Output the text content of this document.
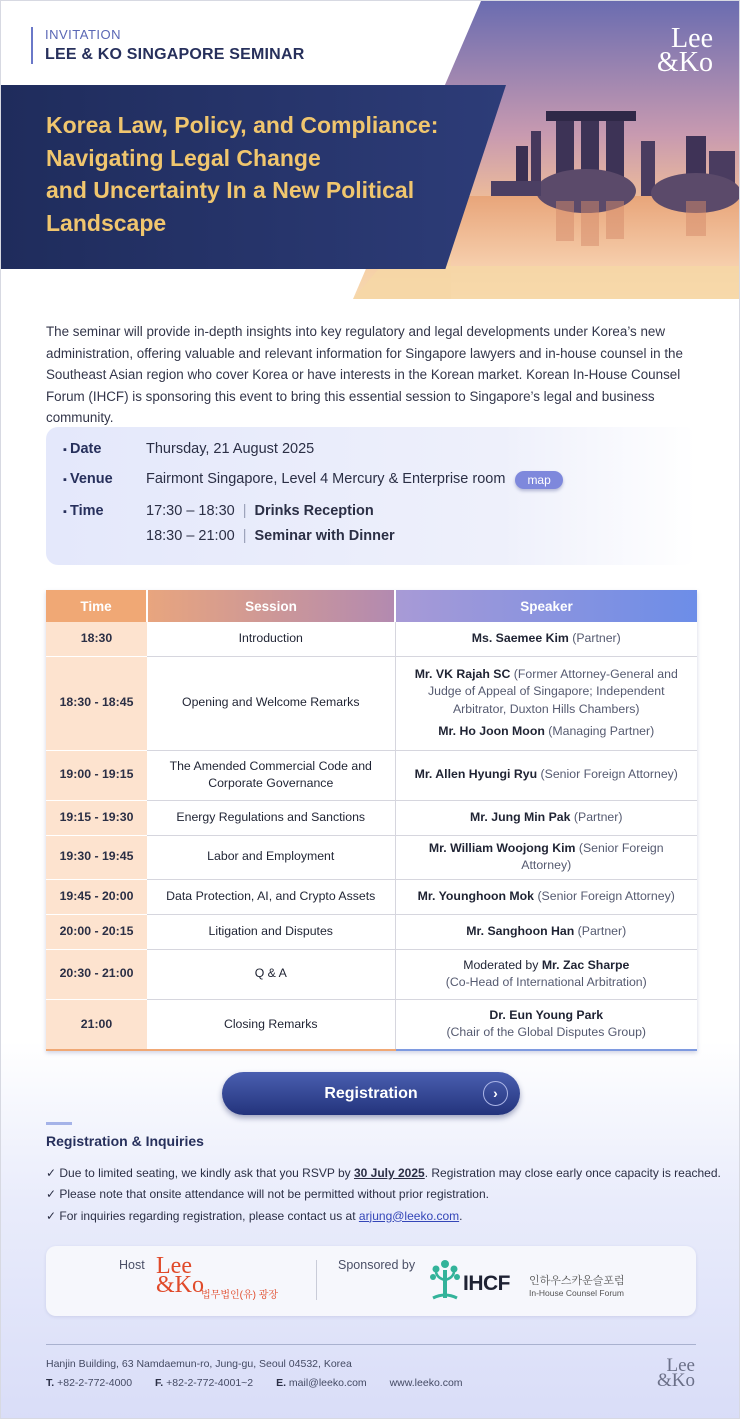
INVITATION
LEE & KO SINGAPORE SEMINAR
Lee
&Ko
Korea Law, Policy, and Compliance:
Navigating Legal Change
and Uncertainty In a New Political
Landscape

The seminar will provide in-depth insights into key regulatory and legal developments under Korea’s new administration, offering valuable and relevant information for Singapore lawyers and in-house counsel in the Southeast Asian region who cover Korea or have interests in the Korean market. Korean In-House Counsel Forum (IHCF) is sponsoring this event to bring this essential session to Singapore’s legal and business community.

▪ Date	Thursday, 21 August 2025
▪ Venue	Fairmont Singapore, Level 4 Mercury & Enterprise room	map
▪ Time	17:30 – 18:30 | Drinks Reception
18:30 – 21:00 | Seminar with Dinner
Time	Session	Speaker
18:30	Introduction	Ms. Saemee Kim (Partner)
18:30 - 18:45	Opening and Welcome Remarks	Mr. VK Rajah SC (Former Attorney-General and Judge of Appeal of Singapore; Independent Arbitrator, Duxton Hills Chambers)
Mr. Ho Joon Moon (Managing Partner)

19:00 - 19:15	The Amended Commercial Code and Corporate Governance	Mr. Allen Hyungi Ryu (Senior Foreign Attorney)
19:15 - 19:30	Energy Regulations and Sanctions	Mr. Jung Min Pak (Partner)
19:30 - 19:45	Labor and Employment	Mr. William Woojong Kim (Senior Foreign Attorney)
19:45 - 20:00	Data Protection, AI, and Crypto Assets	Mr. Younghoon Mok (Senior Foreign Attorney)
20:00 - 20:15	Litigation and Disputes	Mr. Sanghoon Han (Partner)
20:30 - 21:00	Q & A	Moderated by Mr. Zac Sharpe
(Co-Head of International Arbitration)

21:00	Closing Remarks	Dr. Eun Young Park
(Chair of the Global Disputes Group)
Registration	›
Registration & Inquiries
✓ Due to limited seating, we kindly ask that you RSVP by 30 July 2025. Registration may close early once capacity is reached.
✓ Please note that onsite attendance will not be permitted without prior registration.
✓ For inquiries regarding registration, please contact us at arjung@leeko.com.
Host Lee
&Ko
법무법인(유) 광장
Sponsored by
IHCF 인하우스카운슬포럼
In-House Counsel Forum
Hanjin Building, 63 Namdaemun-ro, Jung-gu, Seoul 04532, Korea
T. +82-2-772-4000 F. +82-2-772-4001~2 E. mail@leeko.com www.leeko.com
Lee
&Ko
